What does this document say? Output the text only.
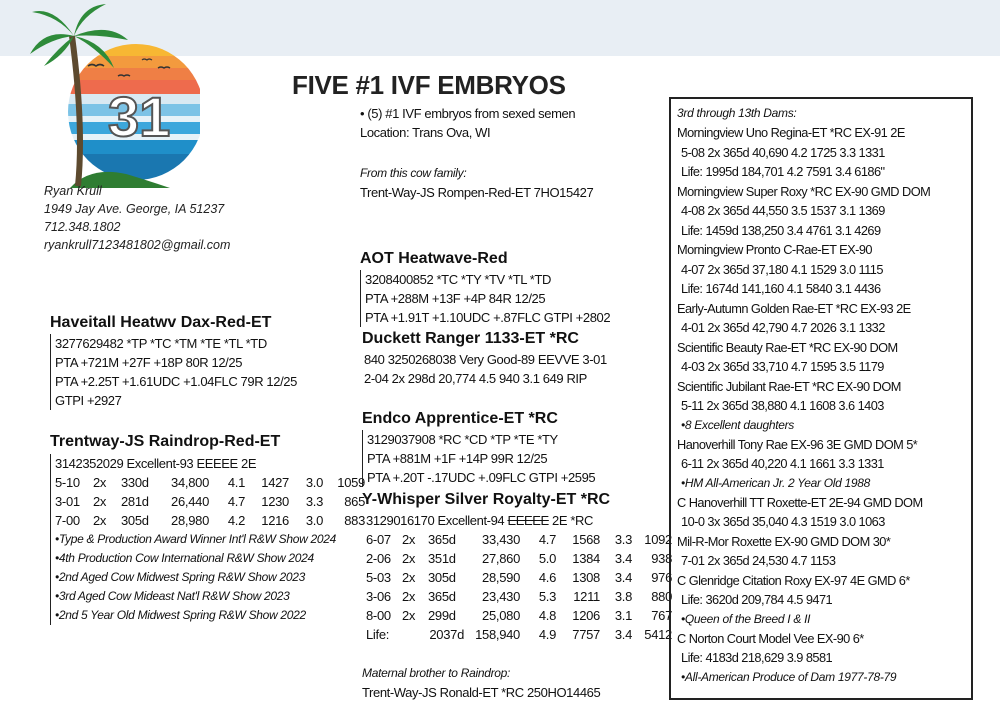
31	FIVE #1 IVF EMBRYOS
Ryan Krull
1949 Jay Ave. George, IA 51237
712.348.1802
ryankrull7123481802@gmail.com
• (5) #1 IVF embryos from sexed semen
Location: Trans Ova, WI
From this cow family:
Trent-Way-JS Rompen-Red-ET 7HO15427
Haveitall Heatwv Dax-Red-ET
3277629482 *TP *TC *TM *TE *TL *TD
PTA +721M +27F +18P 80R 12/25
PTA +2.25T +1.61UDC +1.04FLC 79R 12/25
GTPI +2927
Trentway-JS Raindrop-Red-ET
3142352029 Excellent-93 EEEEE 2E
5-10	2x	330d	34,800	4.1	1427	3.0	1059
3-01	2x	281d	26,440	4.7	1230	3.3	865
7-00	2x	305d	28,980	4.2	1216	3.0	883
•Type & Production Award Winner Int'l R&W Show 2024
•4th Production Cow International R&W Show 2024
•2nd Aged Cow Midwest Spring R&W Show 2023
•3rd Aged Cow Mideast Nat'l R&W Show 2023
•2nd 5 Year Old Midwest Spring R&W Show 2022
AOT Heatwave-Red
3208400852 *TC *TY *TV *TL *TD
PTA +288M +13F +4P 84R 12/25
PTA +1.91T +1.10UDC +.87FLC GTPI +2802
Duckett Ranger 1133-ET *RC
840 3250268038 Very Good-89 EEVVE 3-01
2-04 2x 298d 20,774 4.5 940 3.1 649 RIP
Endco Apprentice-ET *RC
3129037908 *RC *CD *TP *TE *TY
PTA +881M +1F +14P 99R 12/25
PTA +.20T -.17UDC +.09FLC GTPI +2595
Y-Whisper Silver Royalty-ET *RC
3129016170 Excellent-94 EEEEE 2E *RC
6-07	2x	365d	33,430	4.7	1568	3.3	1092
2-06	2x	351d	27,860	5.0	1384	3.4	938
5-03	2x	305d	28,590	4.6	1308	3.4	976
3-06	2x	365d	23,430	5.3	1211	3.8	880
8-00	2x	299d	25,080	4.8	1206	3.1	767
Life:		2037d	158,940	4.9	7757	3.4	5412
Maternal brother to Raindrop:
Trent-Way-JS Ronald-ET *RC 250HO14465
3rd through 13th Dams:
Morningview Uno Regina-ET *RC EX-91 2E
5-08 2x 365d 40,690 4.2 1725 3.3 1331
Life: 1995d 184,701 4.2 7591 3.4 6186"
Morningview Super Roxy *RC EX-90 GMD DOM
4-08 2x 365d 44,550 3.5 1537 3.1 1369
Life: 1459d 138,250 3.4 4761 3.1 4269
Morningview Pronto C-Rae-ET EX-90
4-07 2x 365d 37,180 4.1 1529 3.0 1115
Life: 1674d 141,160 4.1 5840 3.1 4436
Early-Autumn Golden Rae-ET *RC EX-93 2E
4-01 2x 365d 42,790 4.7 2026 3.1 1332
Scientific Beauty Rae-ET *RC EX-90 DOM
4-03 2x 365d 33,710 4.7 1595 3.5 1179
Scientific Jubilant Rae-ET *RC EX-90 DOM
5-11 2x 365d 38,880 4.1 1608 3.6 1403
•8 Excellent daughters
Hanoverhill Tony Rae EX-96 3E GMD DOM 5*
6-11 2x 365d 40,220 4.1 1661 3.3 1331
•HM All-American Jr. 2 Year Old 1988
C Hanoverhill TT Roxette-ET 2E-94 GMD DOM
10-0 3x 365d 35,040 4.3 1519 3.0 1063
Mil-R-Mor Roxette EX-90 GMD DOM 30*
7-01 2x 365d 24,530 4.7 1153
C Glenridge Citation Roxy EX-97 4E GMD 6*
Life: 3620d 209,784 4.5 9471
•Queen of the Breed I & II
C Norton Court Model Vee EX-90 6*
Life: 4183d 218,629 3.9 8581
•All-American Produce of Dam 1977-78-79
